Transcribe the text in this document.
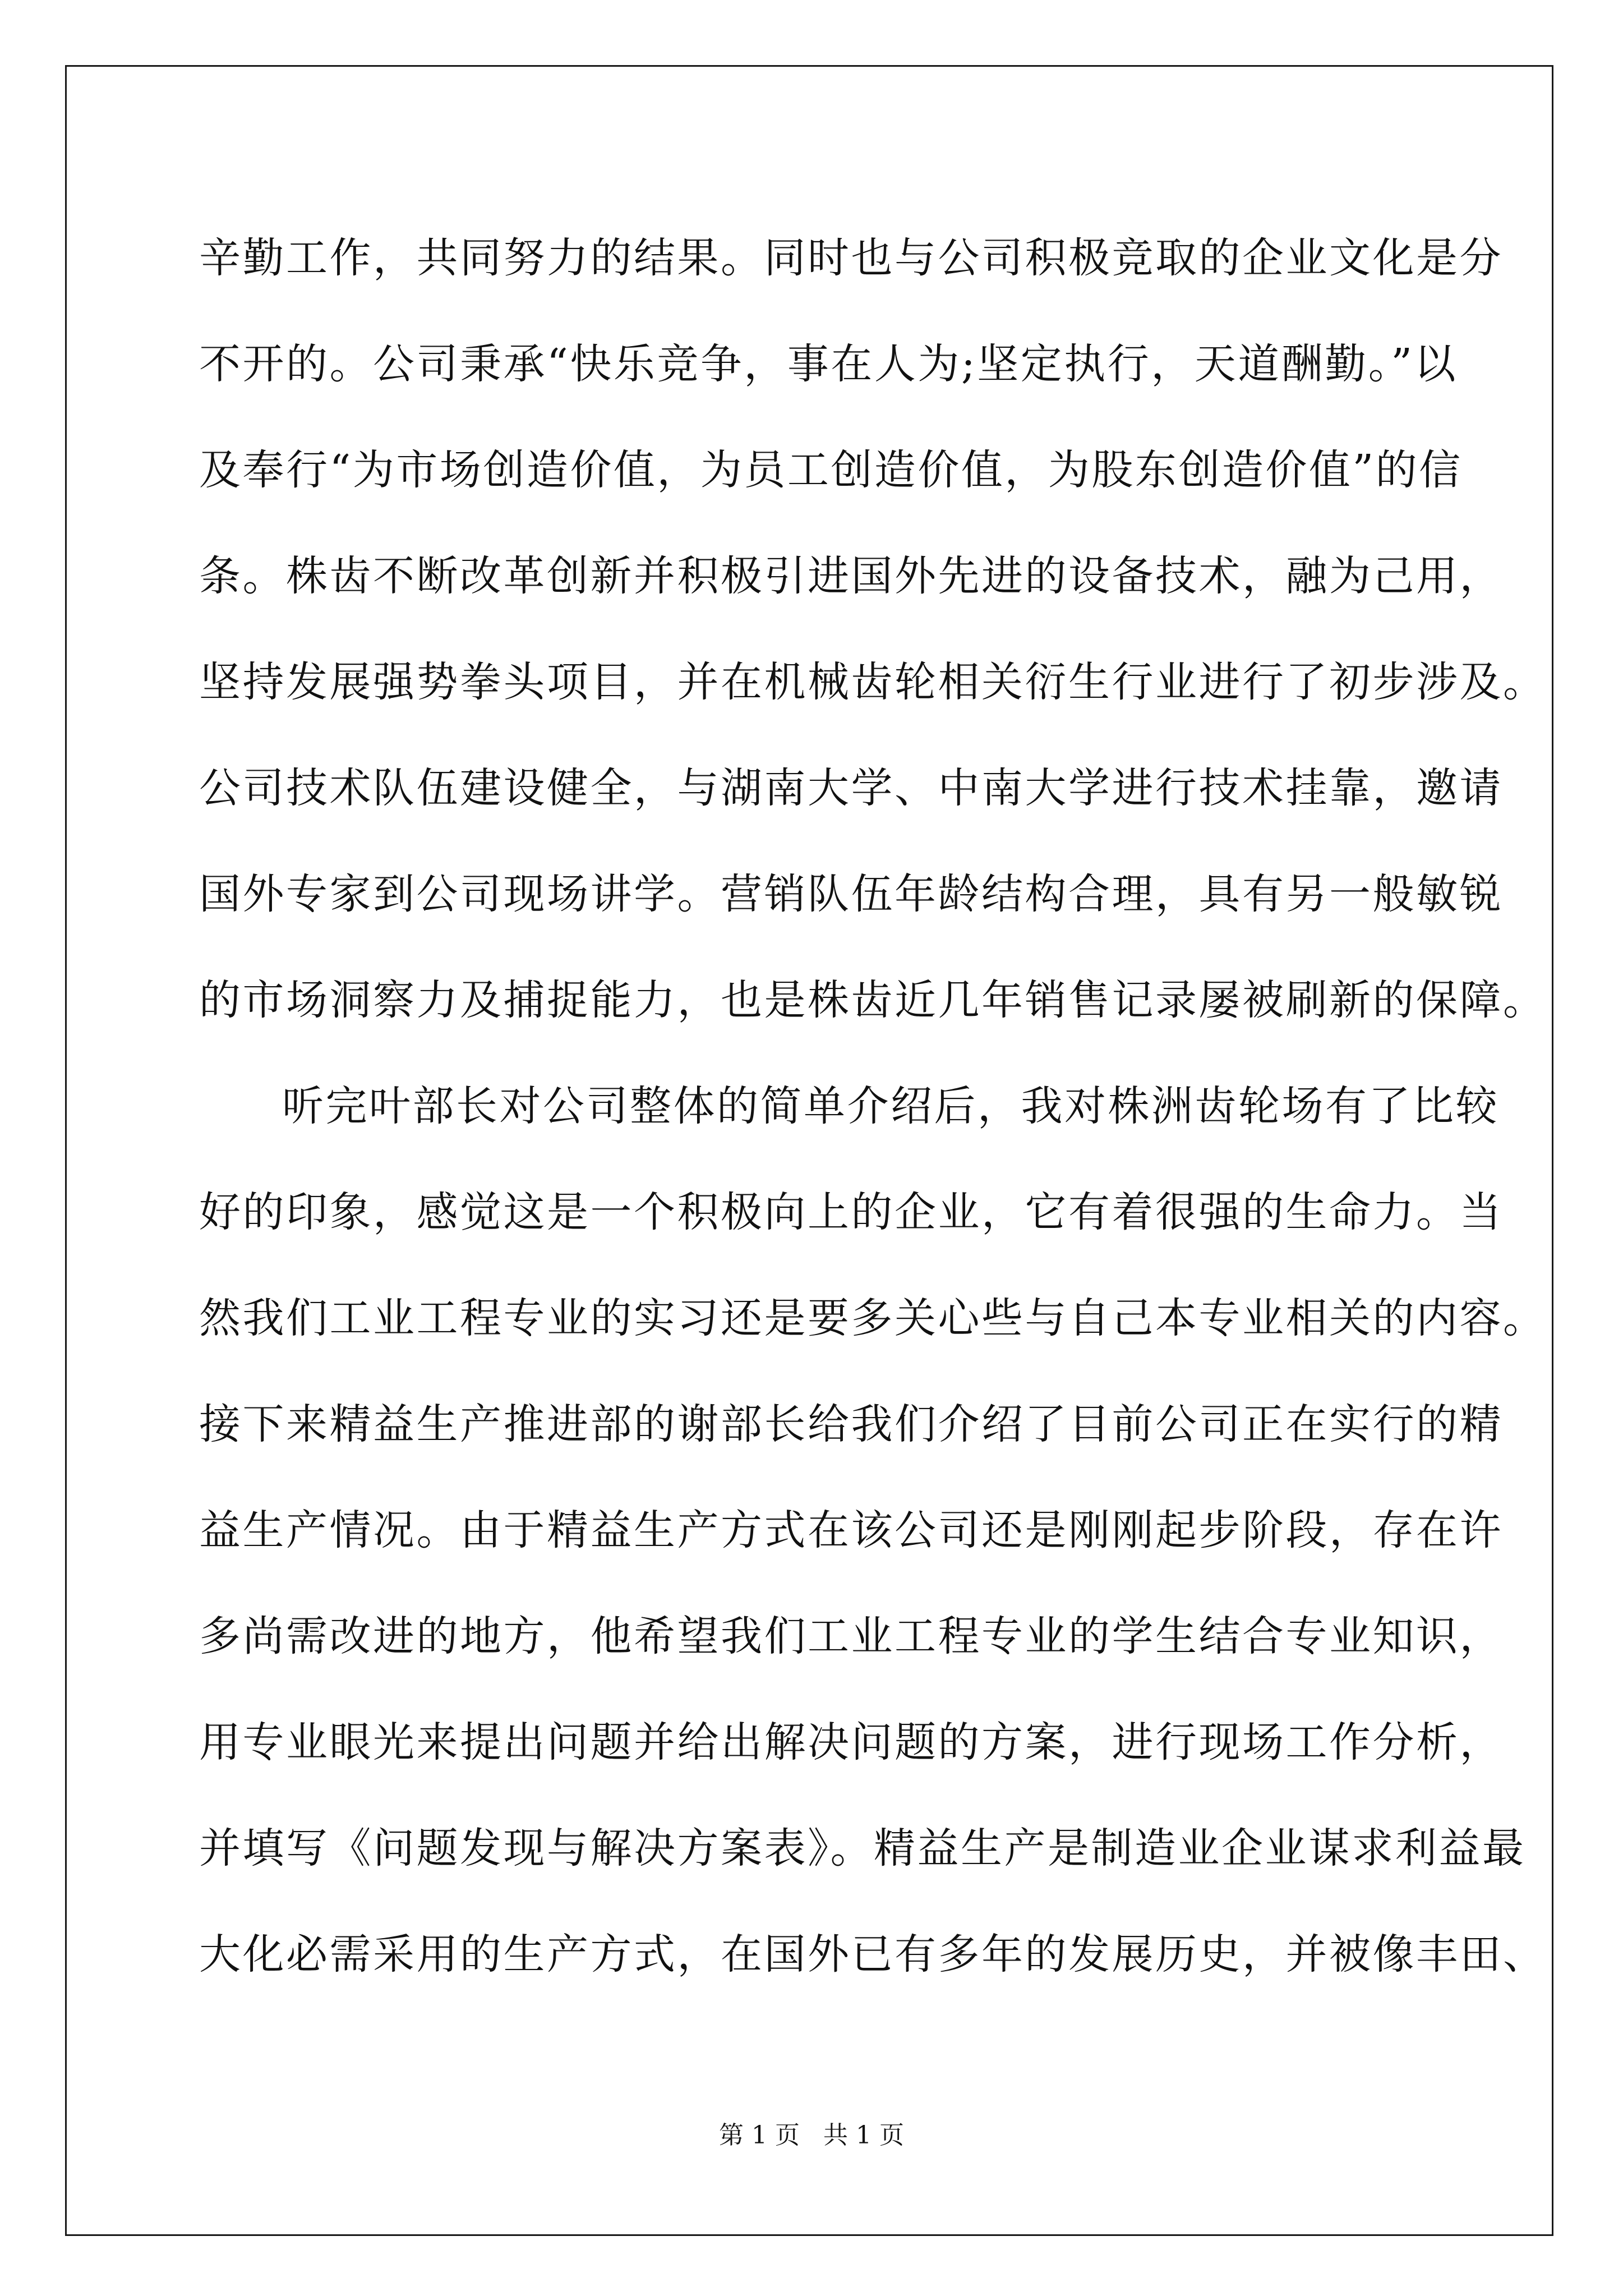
辛勤工作，共同努力的结果。同时也与公司积极竞取的企业文化是分
不开的。公司秉承“快乐竞争，事在人为;坚定执行，天道酬勤。”以
及奉行“为市场创造价值，为员工创造价值，为股东创造价值”的信
条。株齿不断改革创新并积极引进国外先进的设备技术，融为己用，
坚持发展强势拳头项目，并在机械齿轮相关衍生行业进行了初步涉及。
公司技术队伍建设健全，与湖南大学、中南大学进行技术挂靠，邀请
国外专家到公司现场讲学。营销队伍年龄结构合理，具有另一般敏锐
的市场洞察力及捕捉能力，也是株齿近几年销售记录屡被刷新的保障。
听完叶部长对公司整体的简单介绍后，我对株洲齿轮场有了比较
好的印象，感觉这是一个积极向上的企业，它有着很强的生命力。当
然我们工业工程专业的实习还是要多关心些与自己本专业相关的内容。
接下来精益生产推进部的谢部长给我们介绍了目前公司正在实行的精
益生产情况。由于精益生产方式在该公司还是刚刚起步阶段，存在许
多尚需改进的地方，他希望我们工业工程专业的学生结合专业知识，
用专业眼光来提出问题并给出解决问题的方案，进行现场工作分析，
并填写《问题发现与解决方案表》。精益生产是制造业企业谋求利益最
大化必需采用的生产方式，在国外已有多年的发展历史，并被像丰田、
第 1 页   共 1 页
